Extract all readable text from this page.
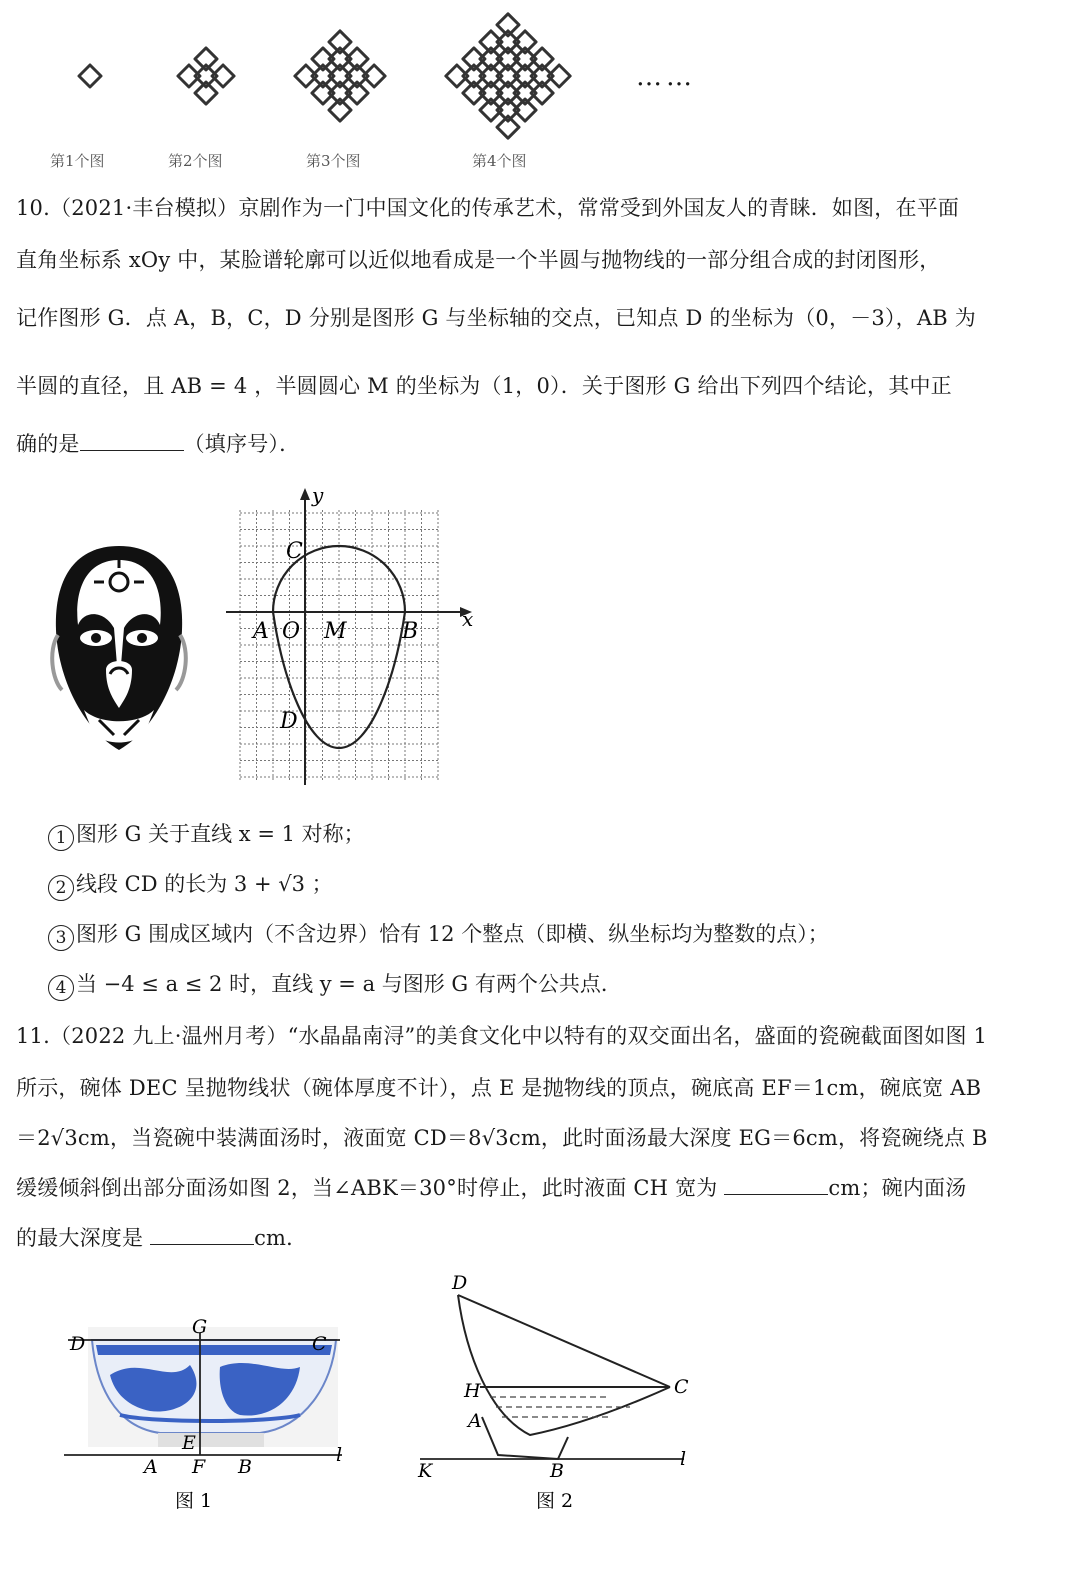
……
第1个图	第2个图	第3个图	第4个图
10.（2021·丰台模拟）京剧作为一门中国文化的传承艺术，常常受到外国友人的青睐．如图，在平面
直角坐标系 xOy 中，某脸谱轮廓可以近似地看成是一个半圆与抛物线的一部分组合成的封闭图形，
记作图形 G．点 A，B，C，D 分别是图形 G 与坐标轴的交点，已知点 D 的坐标为（0，－3），AB 为
半圆的直径，且 AB = 4 ，半圆圆心 M 的坐标为（1，0）．关于图形 G 给出下列四个结论，其中正
确的是	（填序号）．
y
x
C
A O M	B
D
1 图形 G 关于直线 x = 1 对称；
2 线段 CD 的长为 3 + √3 ；
3 图形 G 围成区域内（不含边界）恰有 12 个整点（即横、纵坐标均为整数的点）；
4 当 −4 ≤ a ≤ 2 时，直线 y = a 与图形 G 有两个公共点．
11.（2022 九上·温州月考）“水晶晶南浔”的美食文化中以特有的双交面出名，盛面的瓷碗截面图如图 1
所示，碗体 DEC 呈抛物线状（碗体厚度不计），点 E 是抛物线的顶点，碗底高 EF＝1cm，碗底宽 AB
＝2√3cm，当瓷碗中装满面汤时，液面宽 CD＝8√3cm，此时面汤最大深度 EG＝6cm，将瓷碗绕点 B
缓缓倾斜倒出部分面汤如图 2，当∠ABK＝30°时停止，此时液面 CH 宽为	cm；碗内面汤
的最大深度是	cm．
D
G
C
E
A F B
l
图 1
D
H
A
C
K	B
l
图 2
